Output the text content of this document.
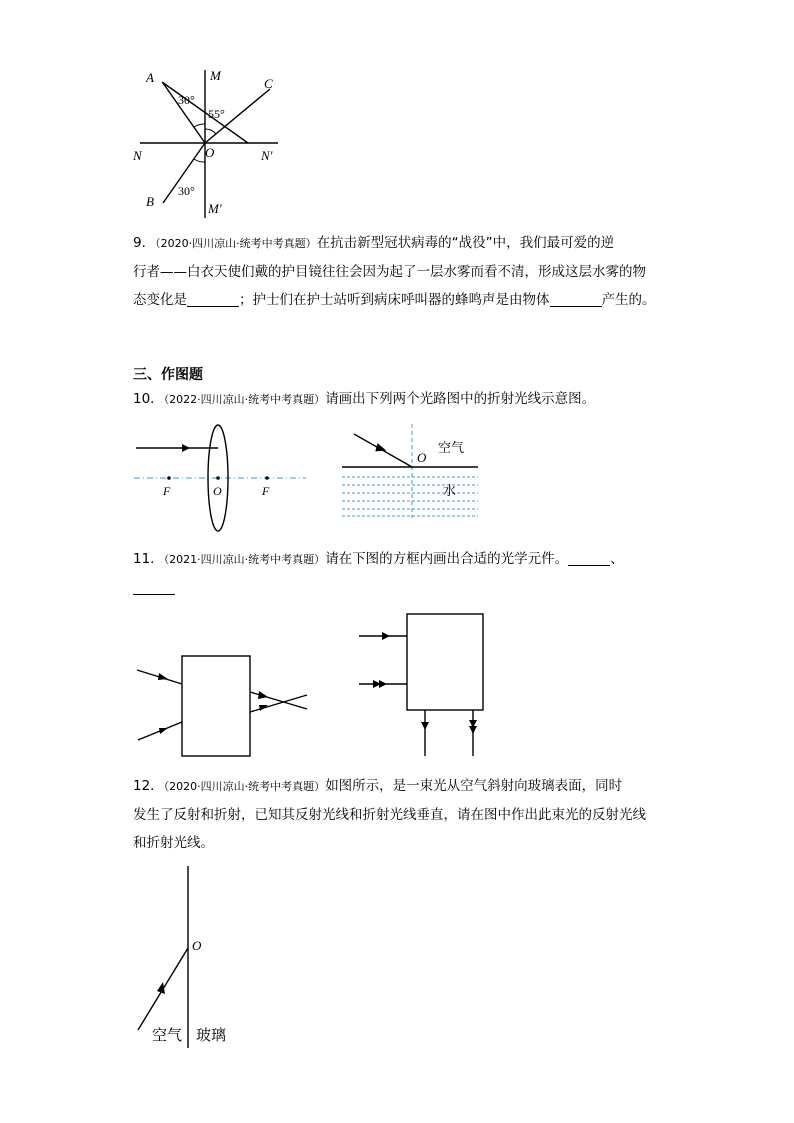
A	M
C
N	O	N′
B	M′
30°
55°
30°
9．（2020·四川凉山·统考中考真题）在抗击新型冠状病毒的“战役”中，我们最可爱的逆
行者——白衣天使们戴的护目镜往往会因为起了一层水雾而看不清，形成这层水雾的物
态变化是	；护士们在护士站听到病床呼叫器的蜂鸣声是由物体	产生的。
三、作图题
10．（2022·四川凉山·统考中考真题）请画出下列两个光路图中的折射光线示意图。
F	O	F
O
空气
水
11．（2021·四川凉山·统考中考真题）请在下图的方框内画出合适的光学元件。	、
12．（2020·四川凉山·统考中考真题）如图所示，是一束光从空气斜射向玻璃表面，同时
发生了反射和折射，已知其反射光线和折射光线垂直，请在图中作出此束光的反射光线
和折射光线。
O
空气 玻璃
